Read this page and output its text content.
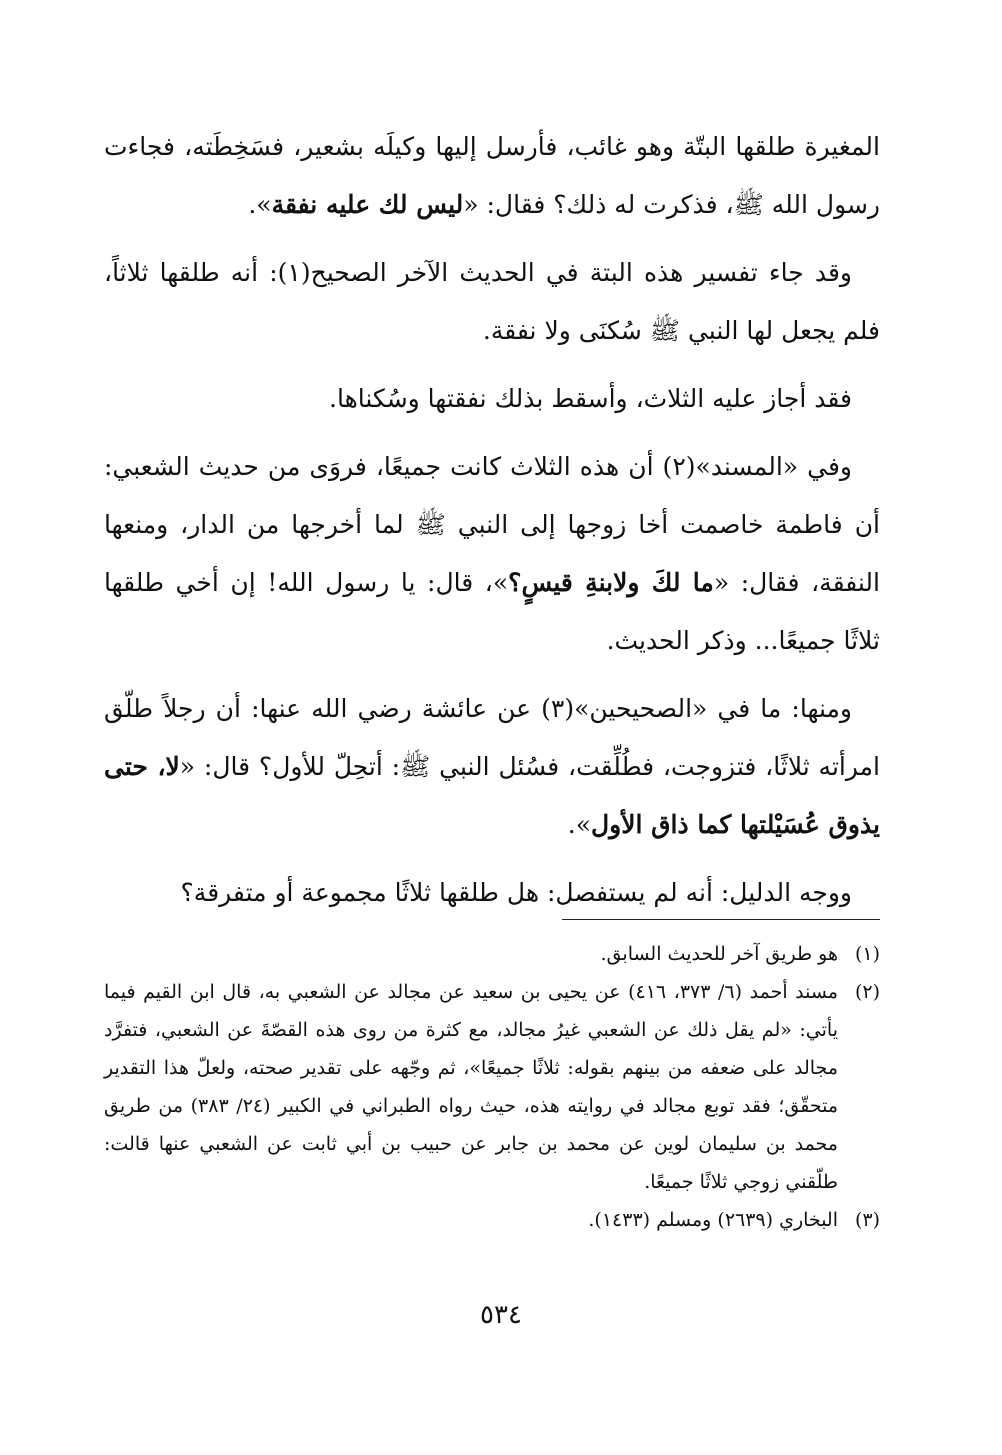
المغيرة طلقها البتّة وهو غائب، فأرسل إليها وكيلَه بشعير، فسَخِطَته، فجاءت رسول الله ﷺ، فذكرت له ذلك؟ فقال: «ليس لك عليه نفقة».

وقد جاء تفسير هذه البتة في الحديث الآخر الصحيح(١): أنه طلقها ثلاثاً، فلم يجعل لها النبي ﷺ سُكنَى ولا نفقة.

فقد أجاز عليه الثلاث، وأسقط بذلك نفقتها وسُكناها.

وفي «المسند»(٢) أن هذه الثلاث كانت جميعًا، فروَى من حديث الشعبي: أن فاطمة خاصمت أخا زوجها إلى النبي ﷺ لما أخرجها من الدار، ومنعها النفقة، فقال: «ما لكَ ولابنةِ قيسٍ؟»، قال: يا رسول الله! إن أخي طلقها ثلاثًا جميعًا... وذكر الحديث.

ومنها: ما في «الصحيحين»(٣) عن عائشة رضي الله عنها: أن رجلاً طلّق امرأته ثلاثًا، فتزوجت، فطُلِّقت، فسُئل النبي ﷺ: أتحِلّ للأول؟ قال: «لا، حتى يذوق عُسَيْلتها كما ذاق الأول».

ووجه الدليل: أنه لم يستفصل: هل طلقها ثلاثًا مجموعة أو متفرقة؟

(١)
هو طريق آخر للحديث السابق.
(٢)
مسند أحمد (٦/ ٣٧٣، ٤١٦) عن يحيى بن سعيد عن مجالد عن الشعبي به، قال ابن القيم فيما يأتي: «لم يقل ذلك عن الشعبي غيرُ مجالد، مع كثرة من روى هذه القصّةَ عن الشعبي، فتفرَّد مجالد على ضعفه من بينهم بقوله: ثلاثًا جميعًا»، ثم وجّهه على تقدير صحته، ولعلّ هذا التقدير متحقّق؛ فقد توبع مجالد في روايته هذه، حيث رواه الطبراني في الكبير (٢٤/ ٣٨٣) من طريق محمد بن سليمان لوين عن محمد بن جابر عن حبيب بن أبي ثابت عن الشعبي عنها قالت: طلّقني زوجي ثلاثًا جميعًا.
(٣)
البخاري (٢٦٣٩) ومسلم (١٤٣٣).
٥٣٤
